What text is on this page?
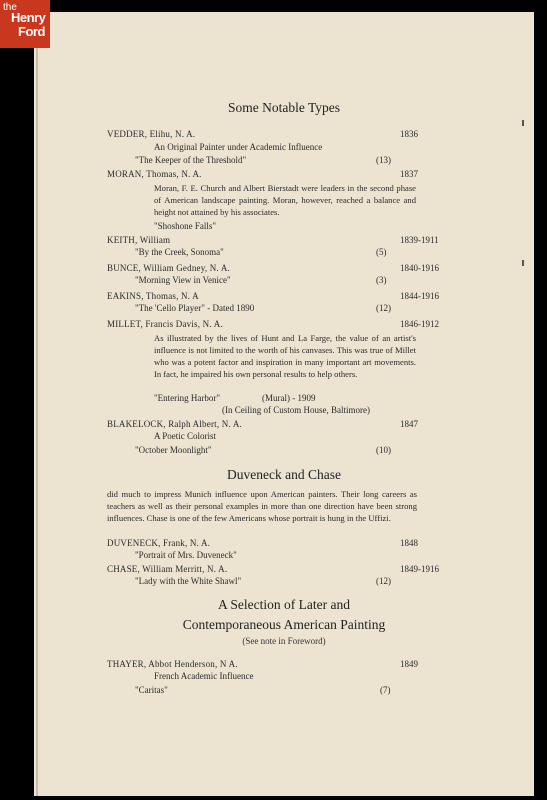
the
Henry
Ford
Some Notable Types
VEDDER, Elihu, N. A.	1836
An Original Painter under Academic Influence
"The Keeper of the Threshold"	(13)
MORAN, Thomas, N. A.	1837
Moran, F. E. Church and Albert Bierstadt were leaders in the second phase of American landscape painting. Moran, however, reached a balance and height not attained by his associates.
"Shoshone Falls"
KEITH, William	1839-1911
"By the Creek, Sonoma"	(5)
BUNCE, William Gedney, N. A.	1840-1916
"Morning View in Venice"	(3)
EAKINS, Thomas, N. A	1844-1916
"The 'Cello Player" - Dated 1890	(12)
MILLET, Francis Davis, N. A.	1846-1912
As illustrated by the lives of Hunt and La Farge, the value of an artist's influence is not limited to the worth of his canvases. This was true of Millet who was a potent factor and inspiration in many important art movements. In fact, he impaired his own personal results to help others.
"Entering Harbor"	(Mural) - 1909
(In Ceiling of Custom House, Baltimore)
BLAKELOCK, Ralph Albert, N. A.	1847
A Poetic Colorist
"October Moonlight"	(10)
Duveneck and Chase
did much to impress Munich influence upon American painters. Their long careers as teachers as well as their personal examples in more than one direction have been strong influences. Chase is one of the few Americans whose portrait is hung in the Uffizi.
DUVENECK, Frank, N. A.	1848
"Portrait of Mrs. Duveneck"
CHASE, William Merritt, N. A.	1849-1916
"Lady with the White Shawl"	(12)
A Selection of Later and
Contemporaneous American Painting
(See note in Foreword)
THAYER, Abbot Henderson, N A.	1849
French Academic Influence
"Caritas"	(7)
